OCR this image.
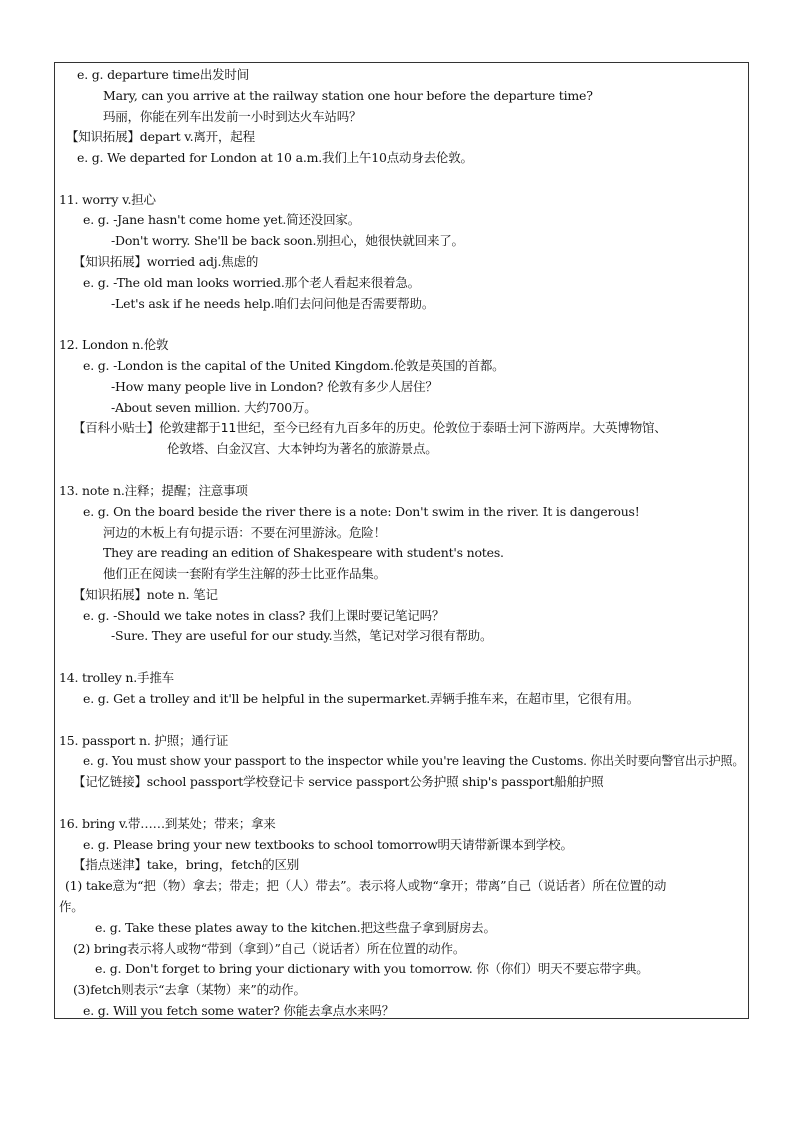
e. g. departure time出发时间
Mary, can you arrive at the railway station one hour before the departure time?
玛丽，你能在列车出发前一小时到达火车站吗？
【知识拓展】depart v.离开，起程
e. g. We departed for London at 10 a.m.我们上午10点动身去伦敦。
11. worry v.担心
e. g. -Jane hasn't come home yet.简还没回家。
-Don't worry. She'll be back soon.别担心，她很快就回来了。
【知识拓展】worried adj.焦虑的
e. g. -The old man looks worried.那个老人看起来很着急。
-Let's ask if he needs help.咱们去问问他是否需要帮助。
12. London n.伦敦
e. g. -London is the capital of the United Kingdom.伦敦是英国的首都。
-How many people live in London? 伦敦有多少人居住？
-About seven million. 大约700万。
【百科小贴士】伦敦建都于11世纪，至今已经有九百多年的历史。伦敦位于泰晤士河下游两岸。大英博物馆、
伦敦塔、白金汉宫、大本钟均为著名的旅游景点。
13. note n.注释；提醒；注意事项
e. g. On the board beside the river there is a note: Don't swim in the river. It is dangerous!
河边的木板上有句提示语：不要在河里游泳。危险！
They are reading an edition of Shakespeare with student's notes.
他们正在阅读一套附有学生注解的莎士比亚作品集。
【知识拓展】note n. 笔记
e. g. -Should we take notes in class? 我们上课时要记笔记吗？
-Sure. They are useful for our study.当然，笔记对学习很有帮助。
14. trolley n.手推车
e. g. Get a trolley and it'll be helpful in the supermarket.弄辆手推车来，在超市里，它很有用。
15. passport n. 护照；通行证
e. g. You must show your passport to the inspector while you're leaving the Customs. 你出关时要向警官出示护照。
【记忆链接】school passport学校登记卡 service passport公务护照 ship's passport船舶护照
16. bring v.带……到某处；带来；拿来
e. g. Please bring your new textbooks to school tomorrow明天请带新课本到学校。
【指点迷津】take，bring，fetch的区别
(1) take意为“把（物）拿去；带走；把（人）带去”。表示将人或物“拿开；带离”自己（说话者）所在位置的动
作。
e. g. Take these plates away to the kitchen.把这些盘子拿到厨房去。
(2) bring表示将人或物“带到（拿到）”自己（说话者）所在位置的动作。
e. g. Don't forget to bring your dictionary with you tomorrow. 你（你们）明天不要忘带字典。
(3)fetch则表示“去拿（某物）来”的动作。
e. g. Will you fetch some water? 你能去拿点水来吗？
